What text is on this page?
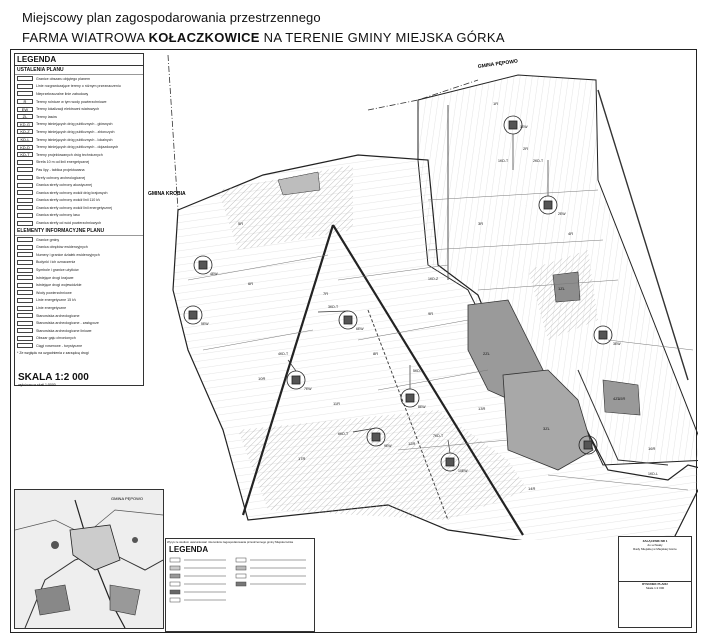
Miejscowy plan zagospodarowania przestrzennego
FARMA WIATROWA KOŁACZKOWICE NA TERENIE GMINY MIEJSKA GÓRKA
GMINA PĘPOWO
GMINA KROBIA
1R
2R
3R
4R
5R
6R
7R
8R
9R
10R
11R
12R
13R
14R
15R
16R
17R
1ZL
2ZL
3ZL
4ZL
1EW
2EW
3EW
4EW
5EW
6EW
7EW
8EW
9EW
10EW
1KD-T	2KD-T
3KD-T
4KD-T
5KD-T
6KD-T	7KD-T
1KD-L
1KD-Z
LEGENDA
USTALENIA PLANU
Granice obszaru objętego planem
Linie rozgraniczające tereny o różnym przeznaczeniu
Nieprzekraczalne linie zabudowy
R	Tereny rolnicze w tym wody powierzchniowe
EW	Tereny lokalizacji elektrowni wiatrowych
ZL	Tereny lasów
KD-G	Tereny istniejących dróg publicznych - głównych
KD-Z	Tereny istniejących dróg publicznych - zbiorczych
KD-L	Tereny istniejących dróg publicznych - lokalnych
KD-D	Tereny istniejących dróg publicznych - dojazdowych
KD-T	Tereny projektowanych dróg technicznych
Strefa 10 m od linii energetycznej
Pas lipy - tablica projektowana
Strefy ochrony archeologicznej
Granica strefy ochrony akustycznej
Granica strefy ochrony wokół dróg krajowych
Granica strefy ochrony wokół linii 110 kV
Granica strefy ochrony wokół linii energetycznej
Granica strefy ochrony lasu
Granica strefy od wód powierzchniowych
ELEMENTY INFORMACYJNE PLANU
Granice gminy
Granica obrębów ewidencyjnych
Numery i granice działek ewidencyjnych
Budynki i ich oznaczenia
Symbole i granice użytków
Istniejące drogi krajowe
Istniejące drogi wojewódzkie
Wody powierzchniowe
Linie energetyczne 15 kV
Linie energetyczne
Stanowiska archeologiczne
Stanowiska archeologiczne - zastępcze
Stanowiska archeologiczne liniowe
Obszar gaju chronionych
Ciągi rowerowe - turystyczne
* Ze względu na uzgodnienia z zarządcą drogi
SKALA 1:2 000
wyłożono w skali 1:5000
GMINA PĘPOWO
Wyrys ze studium uwarunkowań i kierunków zagospodarowania przestrzennego gminy Miejska Górka
LEGENDA
ZAŁĄCZNIK NR 1
do uchwały
Rady Miejskiej w Miejskiej Górce
RYSUNEK PLANU
Skala 1:2 000
